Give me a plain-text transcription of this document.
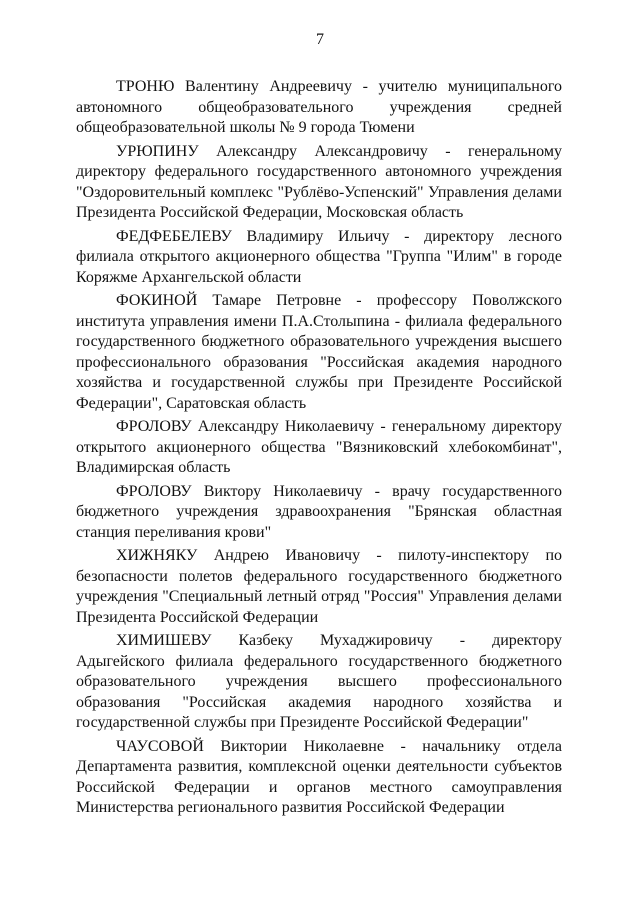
7

ТРОНЮ Валентину Андреевичу - учителю муниципального автономного общеобразовательного учреждения средней общеобразовательной школы № 9 города Тюмени

УРЮПИНУ Александру Александровичу - генеральному директору федерального государственного автономного учреждения "Оздоровительный комплекс "Рублёво-Успенский" Управления делами Президента Российской Федерации, Московская область

ФЕДФЕБЕЛЕВУ Владимиру Ильичу - директору лесного филиала открытого акционерного общества "Группа "Илим" в городе Коряжме Архангельской области

ФОКИНОЙ Тамаре Петровне - профессору Поволжского института управления имени П.А.Столыпина - филиала федерального государственного бюджетного образовательного учреждения высшего профессионального образования "Российская академия народного хозяйства и государственной службы при Президенте Российской Федерации", Саратовская область

ФРОЛОВУ Александру Николаевичу - генеральному директору открытого акционерного общества "Вязниковский хлебокомбинат", Владимирская область

ФРОЛОВУ Виктору Николаевичу - врачу государственного бюджетного учреждения здравоохранения "Брянская областная станция переливания крови"

ХИЖНЯКУ Андрею Ивановичу - пилоту-инспектору по безопасности полетов федерального государственного бюджетного учреждения "Специальный летный отряд "Россия" Управления делами Президента Российской Федерации

ХИМИШЕВУ Казбеку Мухаджировичу - директору Адыгейского филиала федерального государственного бюджетного образовательного учреждения высшего профессионального образования "Российская академия народного хозяйства и государственной службы при Президенте Российской Федерации"

ЧАУСОВОЙ Виктории Николаевне - начальнику отдела Департамента развития, комплексной оценки деятельности субъектов Российской Федерации и органов местного самоуправления Министерства регионального развития Российской Федерации
